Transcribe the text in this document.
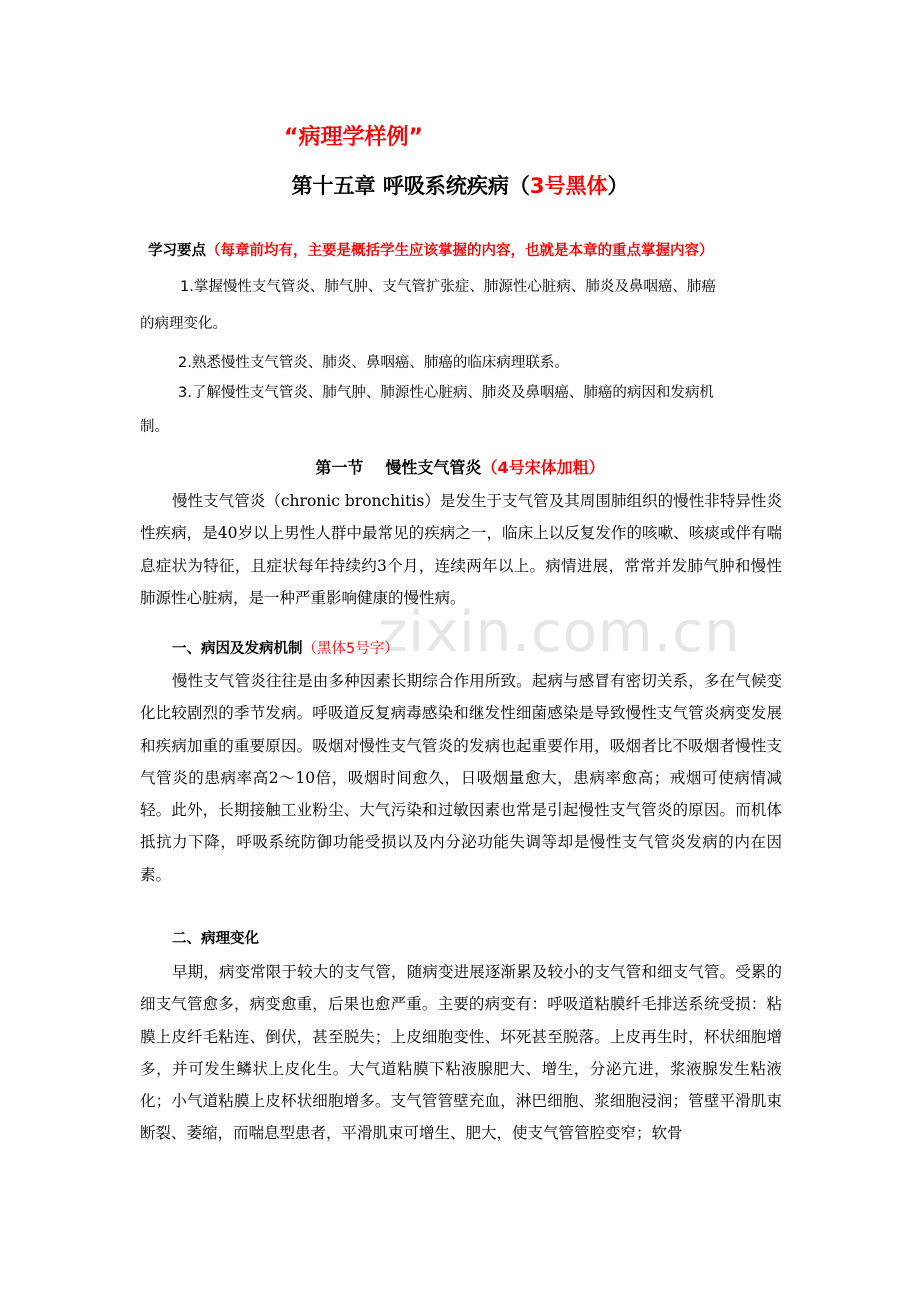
zixin.com.cn
“病理学样例”
第十五章 呼吸系统疾病（3号黑体）
学习要点（每章前均有，主要是概括学生应该掌握的内容，也就是本章的重点掌握内容）
1.掌握慢性支气管炎、肺气肿、支气管扩张症、肺源性心脏病、肺炎及鼻咽癌、肺癌
的病理变化。
2.熟悉慢性支气管炎、肺炎、鼻咽癌、肺癌的临床病理联系。
3.了解慢性支气管炎、肺气肿、肺源性心脏病、肺炎及鼻咽癌、肺癌的病因和发病机
制。
第一节 慢性支气管炎（4号宋体加粗）

慢性支气管炎（chronic bronchitis）是发生于支气管及其周围肺组织的慢性非特异性炎性疾病，是40岁以上男性人群中最常见的疾病之一，临床上以反复发作的咳嗽、咳痰或伴有喘息症状为特征，且症状每年持续约3个月，连续两年以上。病情进展，常常并发肺气肿和慢性肺源性心脏病，是一种严重影响健康的慢性病。

一、病因及发病机制（黑体5号字）

慢性支气管炎往往是由多种因素长期综合作用所致。起病与感冒有密切关系，多在气候变化比较剧烈的季节发病。呼吸道反复病毒感染和继发性细菌感染是导致慢性支气管炎病变发展和疾病加重的重要原因。吸烟对慢性支气管炎的发病也起重要作用，吸烟者比不吸烟者慢性支气管炎的患病率高2～10倍，吸烟时间愈久，日吸烟量愈大，患病率愈高；戒烟可使病情减轻。此外，长期接触工业粉尘、大气污染和过敏因素也常是引起慢性支气管炎的原因。而机体抵抗力下降，呼吸系统防御功能受损以及内分泌功能失调等却是慢性支气管炎发病的内在因素。

二、病理变化

早期，病变常限于较大的支气管，随病变进展逐渐累及较小的支气管和细支气管。受累的细支气管愈多，病变愈重，后果也愈严重。主要的病变有：呼吸道粘膜纤毛排送系统受损：粘膜上皮纤毛粘连、倒伏，甚至脱失；上皮细胞变性、坏死甚至脱落。上皮再生时，杯状细胞增多，并可发生鳞状上皮化生。大气道粘膜下粘液腺肥大、增生，分泌亢进，浆液腺发生粘液化；小气道粘膜上皮杯状细胞增多。支气管管壁充血，淋巴细胞、浆细胞浸润；管壁平滑肌束断裂、萎缩，而喘息型患者，平滑肌束可增生、肥大，使支气管管腔变窄；软骨
